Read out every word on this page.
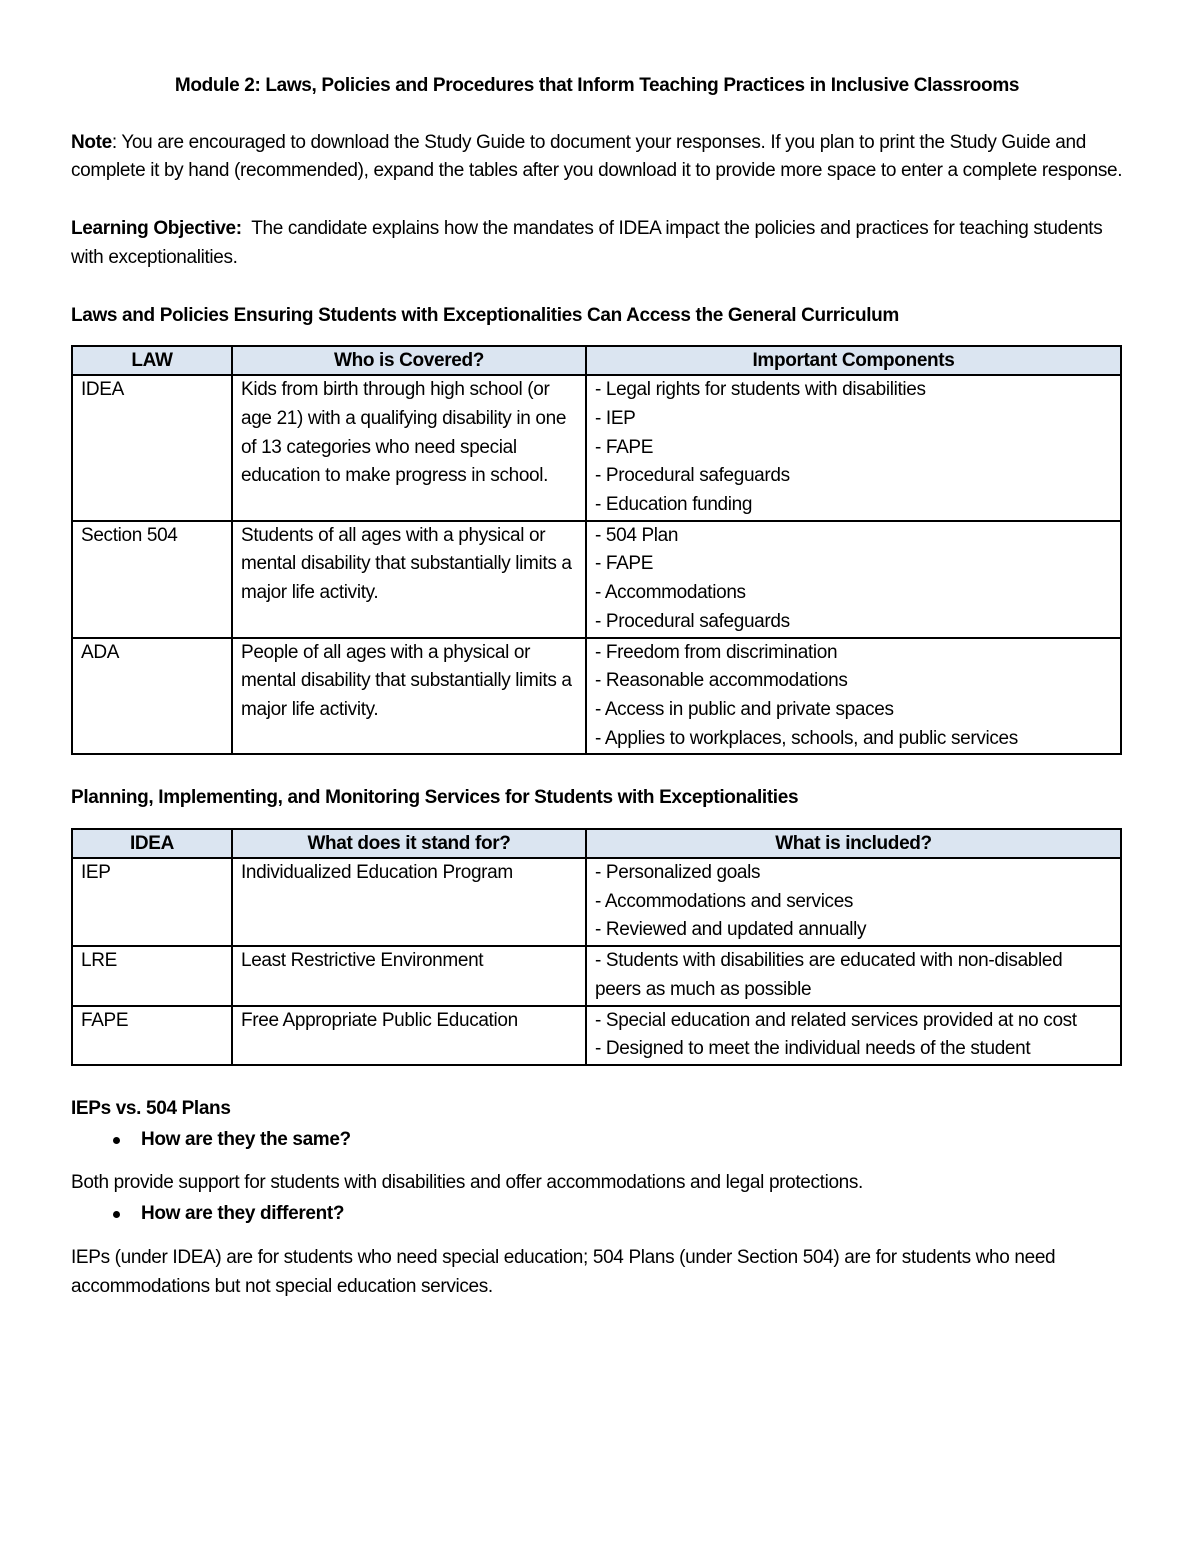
Module 2: Laws, Policies and Procedures that Inform Teaching Practices in Inclusive Classrooms

Note: You are encouraged to download the Study Guide to document your responses. If you plan to print the Study Guide and complete it by hand (recommended), expand the tables after you download it to provide more space to enter a complete response.

Learning Objective:  The candidate explains how the mandates of IDEA impact the policies and practices for teaching students with exceptionalities.

Laws and Policies Ensuring Students with Exceptionalities Can Access the General Curriculum

LAW	Who is Covered?	Important Components
IDEA	Kids from birth through high school (or age 21) with a qualifying disability in one of 13 categories who need special education to make progress in school.	- Legal rights for students with disabilities
- IEP
- FAPE
- Procedural safeguards
- Education funding

Section 504	Students of all ages with a physical or mental disability that substantially limits a major life activity.	- 504 Plan
- FAPE
- Accommodations
- Procedural safeguards

ADA	People of all ages with a physical or mental disability that substantially limits a major life activity.	- Freedom from discrimination
- Reasonable accommodations
- Access in public and private spaces
- Applies to workplaces, schools, and public services

Planning, Implementing, and Monitoring Services for Students with Exceptionalities

IDEA	What does it stand for?	What is included?
IEP	Individualized Education Program	- Personalized goals
- Accommodations and services
- Reviewed and updated annually

LRE	Least Restrictive Environment	- Students with disabilities are educated with non-disabled peers as much as possible

FAPE	Free Appropriate Public Education	- Special education and related services provided at no cost
- Designed to meet the individual needs of the student

IEPs vs. 504 Plans

How are they the same?

Both provide support for students with disabilities and offer accommodations and legal protections.

How are they different?

IEPs (under IDEA) are for students who need special education; 504 Plans (under Section 504) are for students who need accommodations but not special education services.
